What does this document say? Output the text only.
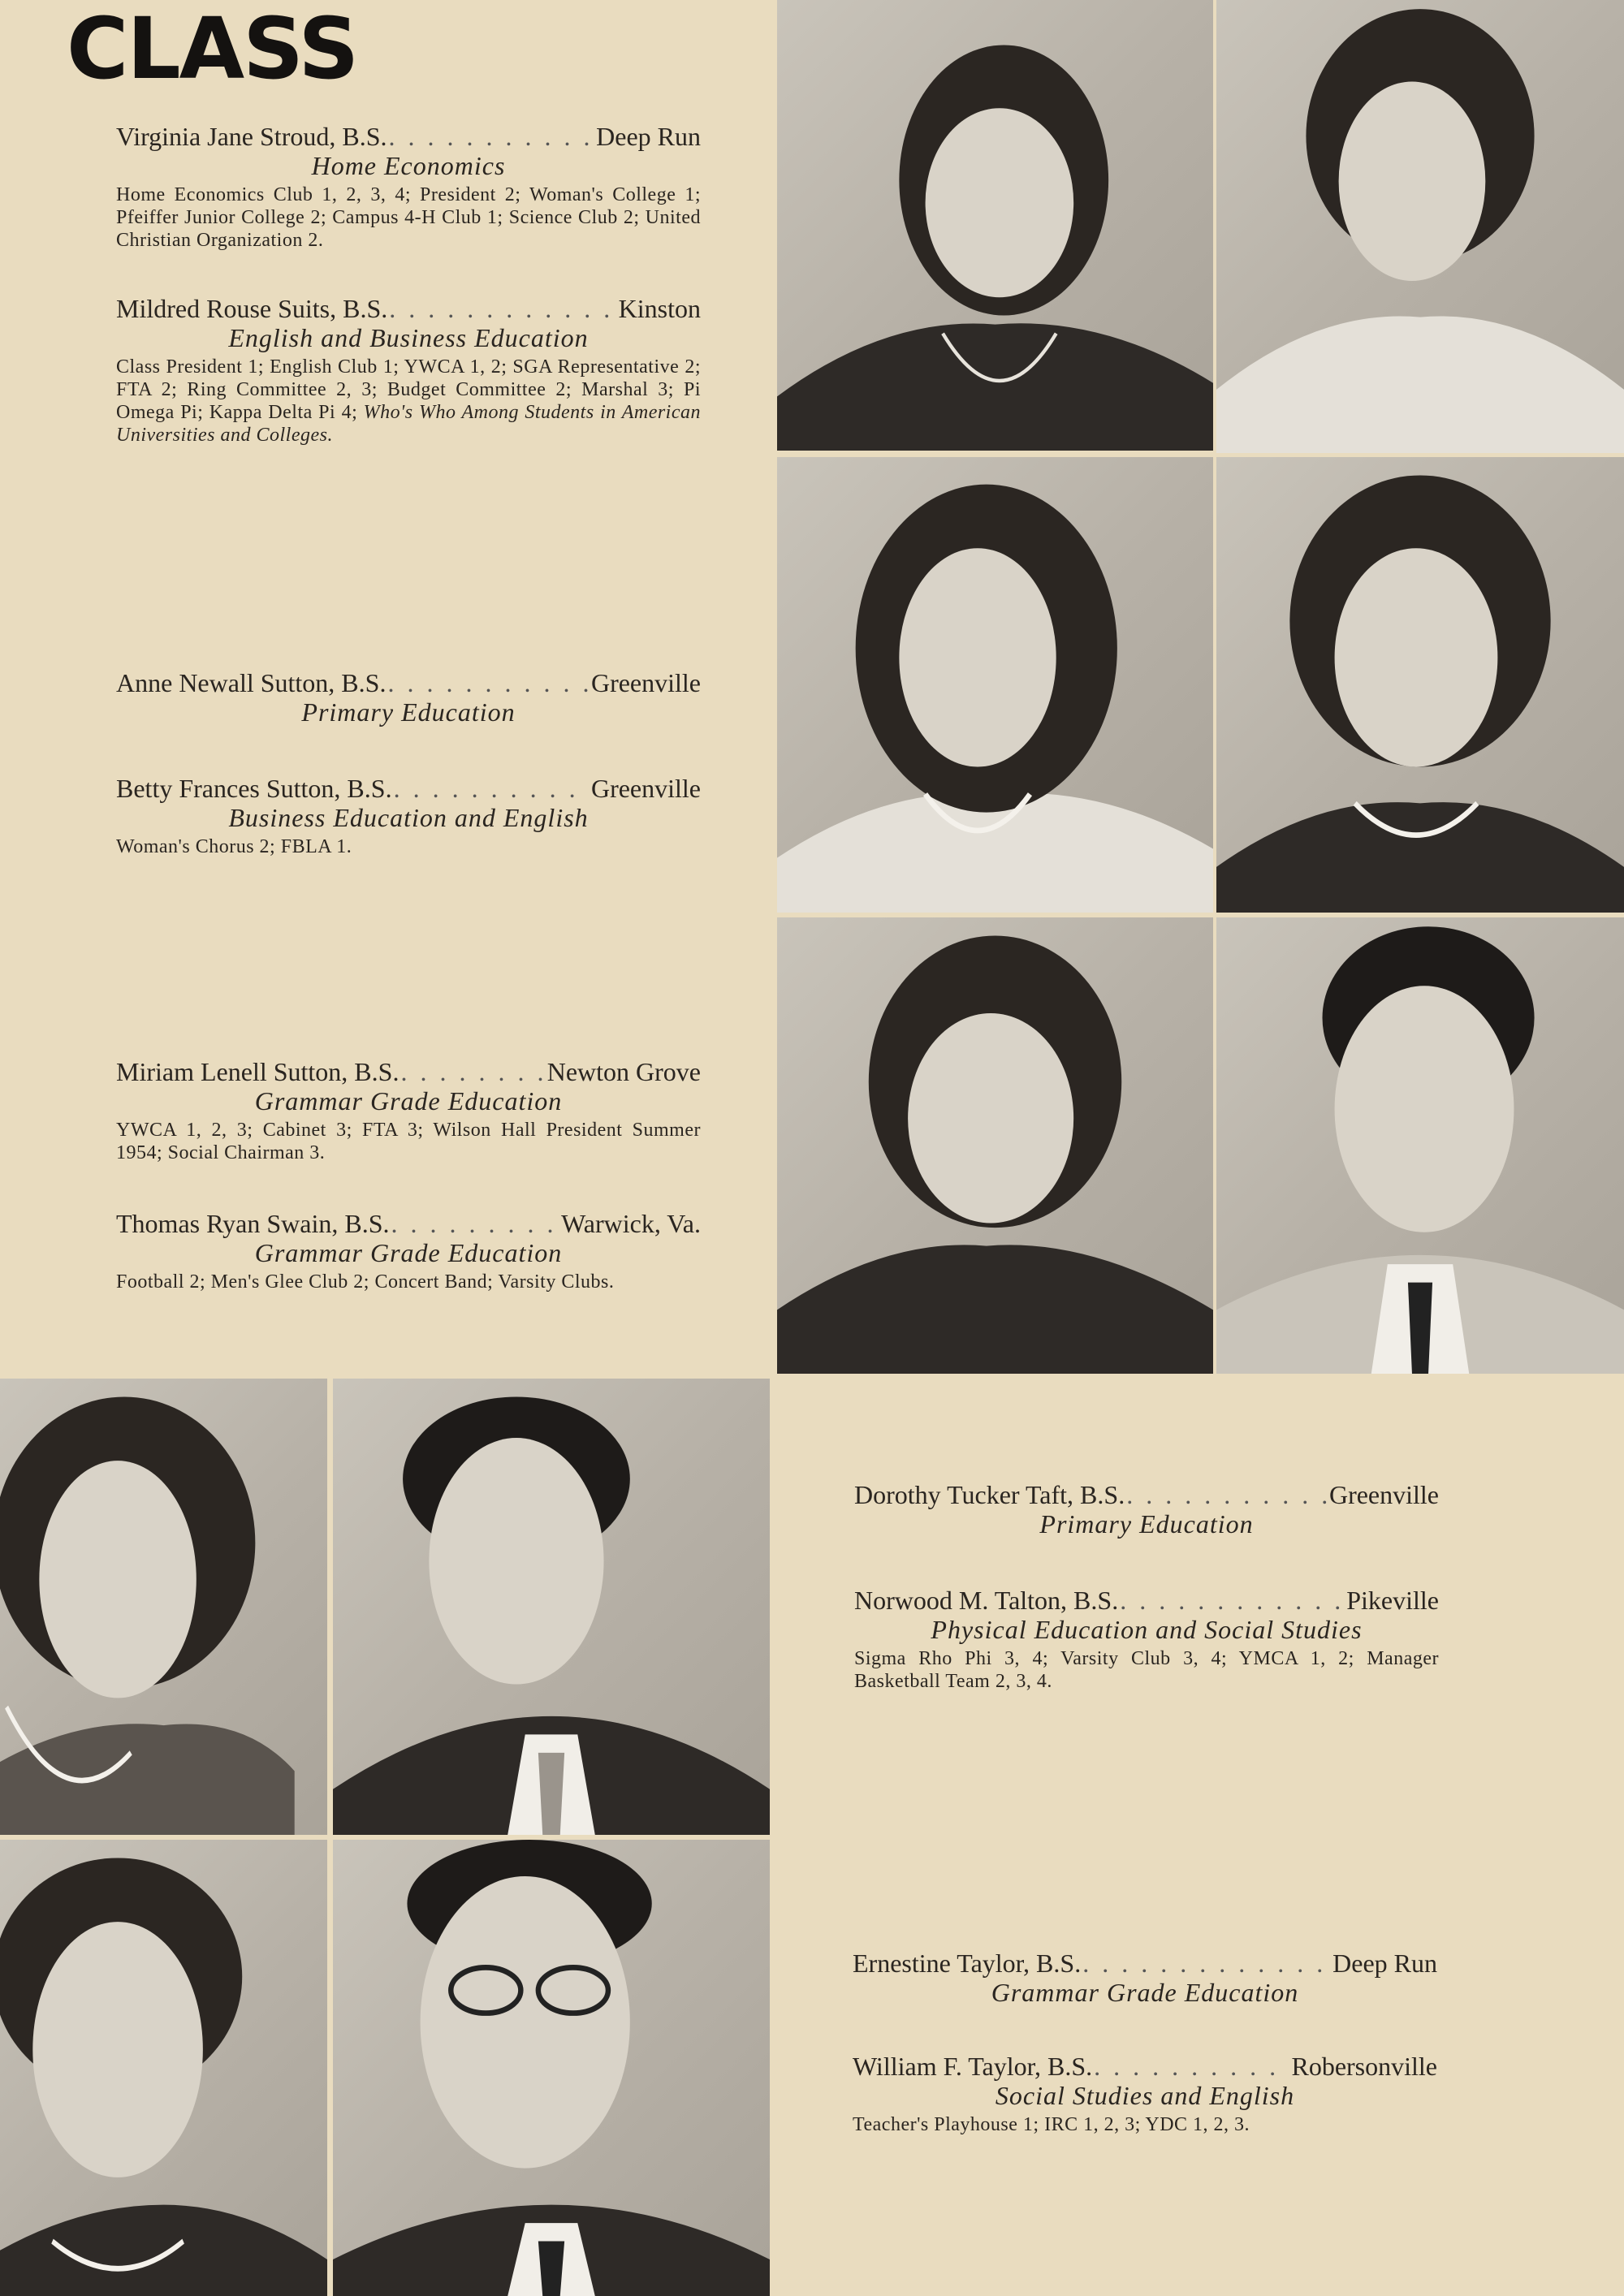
CLASS
Virginia Jane Stroud, B.S. . . .	Deep Run
Home Economics
Home Economics Club 1, 2, 3, 4; President 2; Woman's College 1; Pfeiffer Junior College 2; Campus 4-H Club 1; Science Club 2; United Christian Organization 2.
Mildred Rouse Suits, B.S. . . .	Kinston
English and Business Education
Class President 1; English Club 1; YWCA 1, 2; SGA Representative 2; FTA 2; Ring Committee 2, 3; Budget Committee 2; Marshal 3; Pi Omega Pi; Kappa Delta Pi 4; Who's Who Among Students in American Universities and Colleges.
Anne Newall Sutton, B.S. . . .	Greenville
Primary Education
Betty Frances Sutton, B.S. . . .	Greenville
Business Education and English
Woman's Chorus 2; FBLA 1.
Miriam Lenell Sutton, B.S. . . .	Newton Grove
Grammar Grade Education
YWCA 1, 2, 3; Cabinet 3; FTA 3; Wilson Hall President Summer 1954; Social Chairman 3.
Thomas Ryan Swain, B.S. . . .	Warwick, Va.
Grammar Grade Education
Football 2; Men's Glee Club 2; Concert Band; Varsity Clubs.
Dorothy Tucker Taft, B.S. . . .	Greenville
Primary Education
Norwood M. Talton, B.S. . . .	Pikeville
Physical Education and Social Studies
Sigma Rho Phi 3, 4; Varsity Club 3, 4; YMCA 1, 2; Manager Basketball Team 2, 3, 4.
Ernestine Taylor, B.S. . . .	Deep Run
Grammar Grade Education
William F. Taylor, B.S. . . .	Robersonville
Social Studies and English
Teacher's Playhouse 1; IRC 1, 2, 3; YDC 1, 2, 3.
